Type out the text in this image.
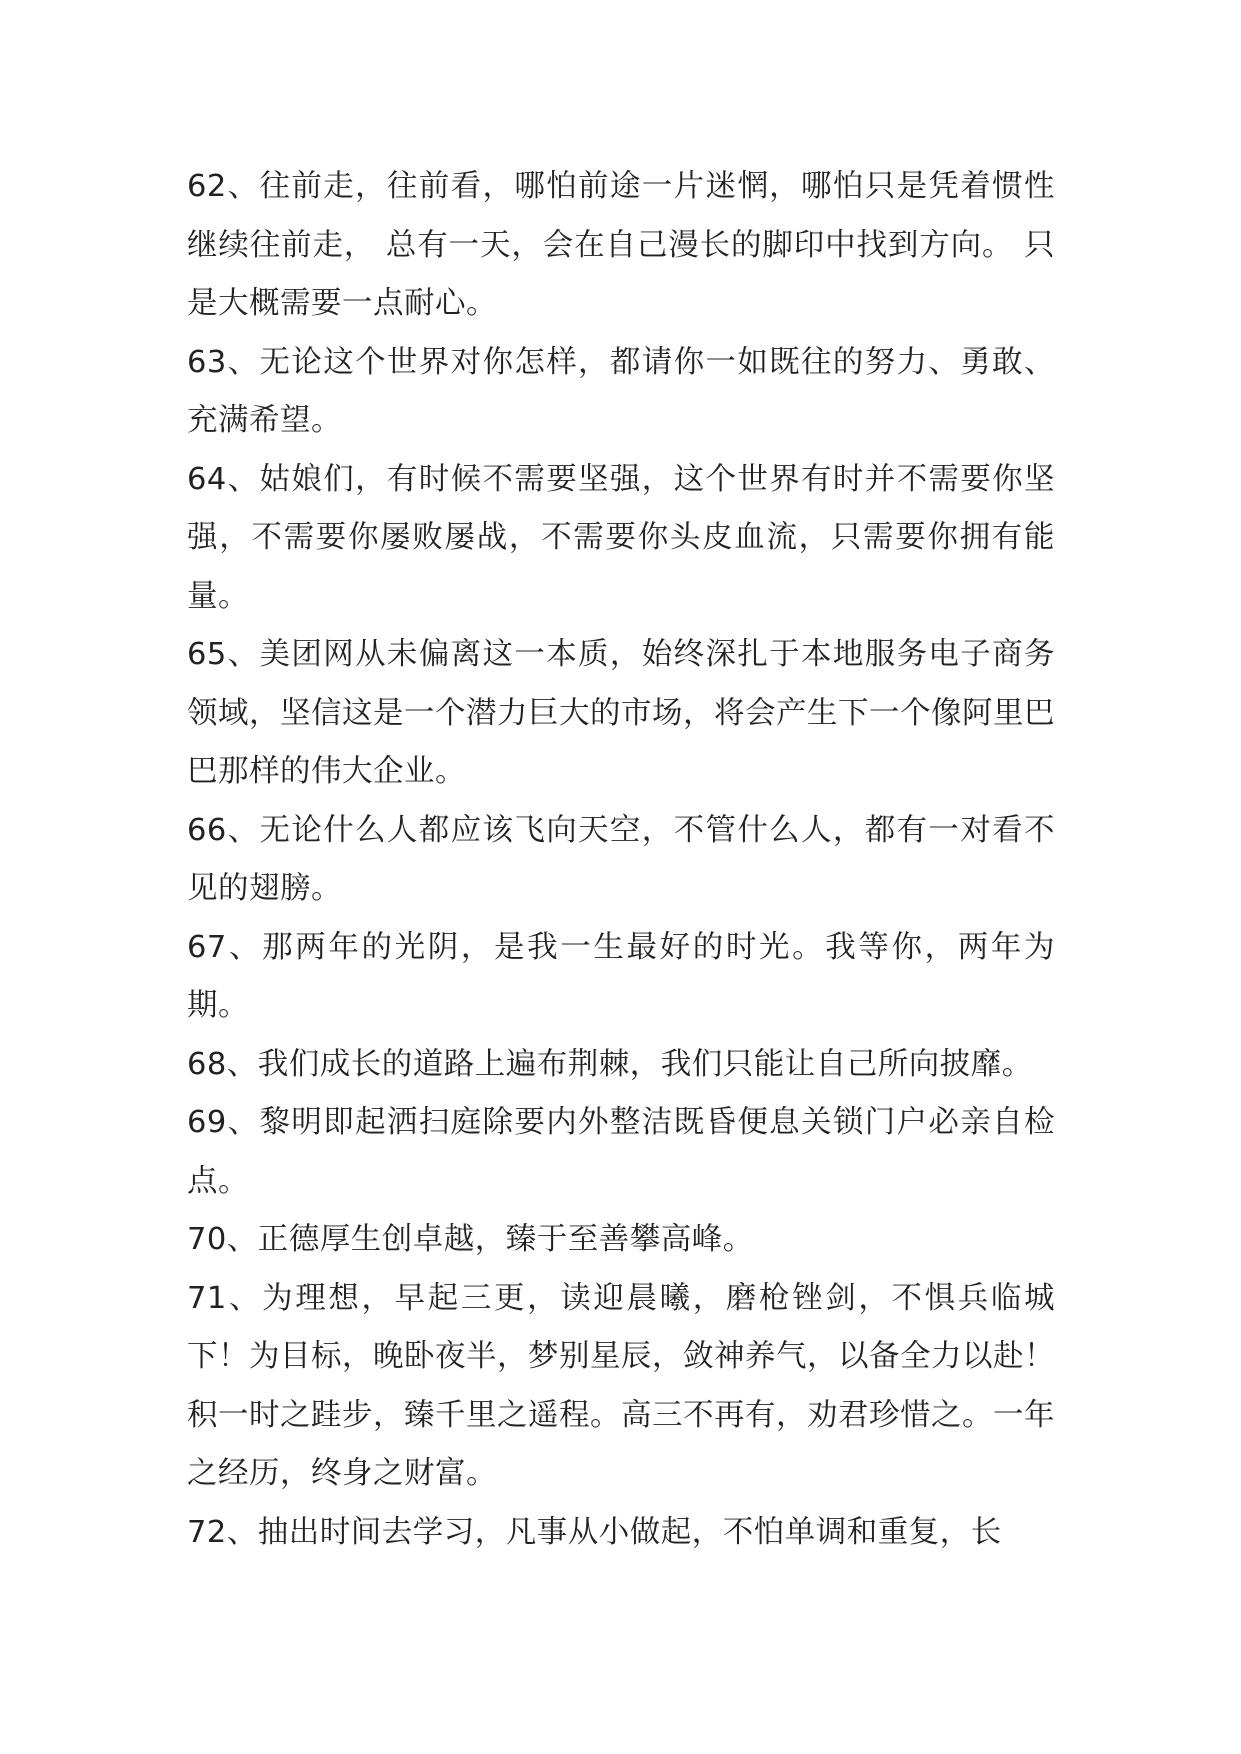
62、往前走，往前看，哪怕前途一片迷惘，哪怕只是凭着惯性继续往前走， 总有一天，会在自己漫长的脚印中找到方向。 只是大概需要一点耐心。

63、无论这个世界对你怎样，都请你一如既往的努力、勇敢、充满希望。

64、姑娘们，有时候不需要坚强，这个世界有时并不需要你坚强，不需要你屡败屡战，不需要你头皮血流，只需要你拥有能量。

65、美团网从未偏离这一本质，始终深扎于本地服务电子商务领域，坚信这是一个潜力巨大的市场，将会产生下一个像阿里巴巴那样的伟大企业。

66、无论什么人都应该飞向天空，不管什么人，都有一对看不见的翅膀。

67、那两年的光阴，是我一生最好的时光。我等你，两年为期。

68、我们成长的道路上遍布荆棘，我们只能让自己所向披靡。

69、黎明即起洒扫庭除要内外整洁既昏便息关锁门户必亲自检点。

70、正德厚生创卓越，臻于至善攀高峰。

71、为理想，早起三更，读迎晨曦，磨枪锉剑，不惧兵临城下！为目标，晚卧夜半，梦别星辰，敛神养气，以备全力以赴！积一时之跬步，臻千里之遥程。高三不再有，劝君珍惜之。一年之经历，终身之财富。

72、抽出时间去学习，凡事从小做起，不怕单调和重复，长
